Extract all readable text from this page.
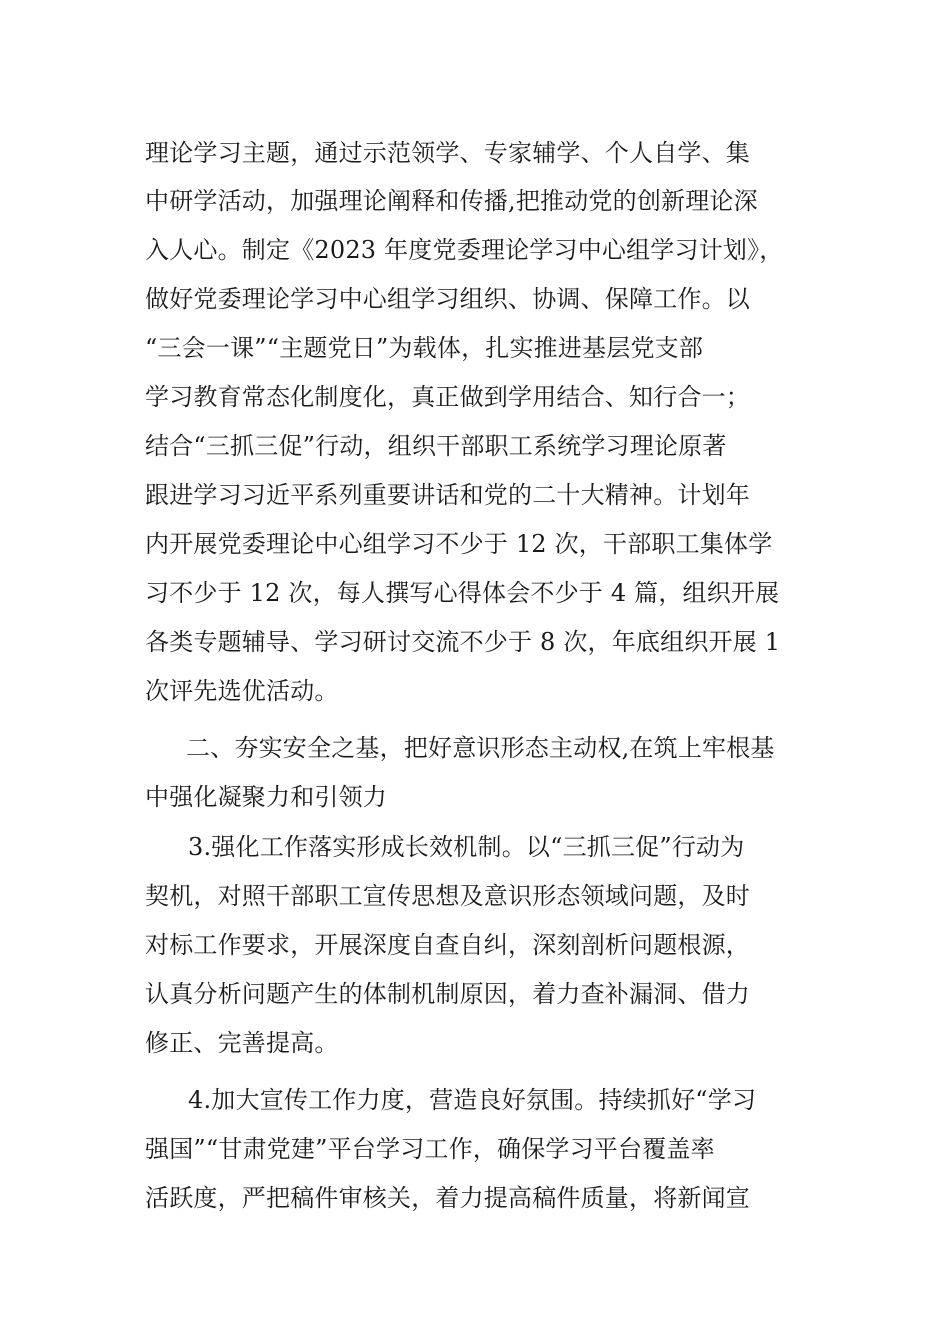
理论学习主题，通过示范领学、专家辅学、个人自学、集
中研学活动，加强理论阐释和传播,把推动党的创新理论深
入人心。制定《2023 年度党委理论学习中心组学习计划》，
做好党委理论学习中心组学习组织、协调、保障工作。以
“三会一课”“主题党日”为载体，扎实推进基层党支部
学习教育常态化制度化，真正做到学用结合、知行合一；
结合“三抓三促”行动，组织干部职工系统学习理论原著
跟进学习习近平系列重要讲话和党的二十大精神。计划年
内开展党委理论中心组学习不少于 12 次，干部职工集体学
习不少于 12 次，每人撰写心得体会不少于 4 篇，组织开展
各类专题辅导、学习研讨交流不少于 8 次，年底组织开展 1
次评先选优活动。
二、夯实安全之基，把好意识形态主动权,在筑上牢根基
中强化凝聚力和引领力
3.强化工作落实形成长效机制。以“三抓三促”行动为
契机，对照干部职工宣传思想及意识形态领域问题，及时
对标工作要求，开展深度自查自纠，深刻剖析问题根源，
认真分析问题产生的体制机制原因，着力查补漏洞、借力
修正、完善提高。
4.加大宣传工作力度，营造良好氛围。持续抓好“学习
强国”“甘肃党建”平台学习工作，确保学习平台覆盖率
活跃度，严把稿件审核关，着力提高稿件质量，将新闻宣
